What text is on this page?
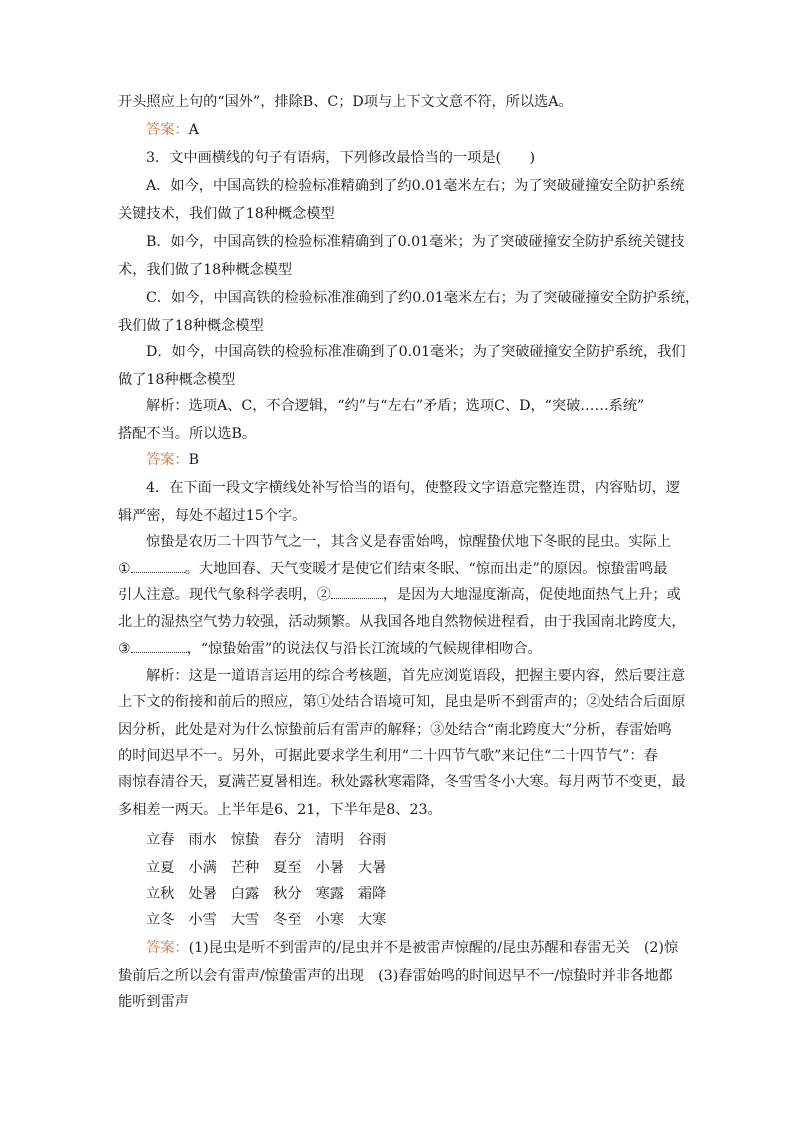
开头照应上句的“国外”，排除B、C；D项与上下文文意不符，所以选A。
答案：A
3．文中画横线的句子有语病，下列修改最恰当的一项是(　　)
A．如今，中国高铁的检验标准精确到了约0.01毫米左右；为了突破碰撞安全防护系统
关键技术，我们做了18种概念模型
B．如今，中国高铁的检验标准精确到了0.01毫米；为了突破碰撞安全防护系统关键技
术，我们做了18种概念模型
C．如今，中国高铁的检验标准准确到了约0.01毫米左右；为了突破碰撞安全防护系统，
我们做了18种概念模型
D．如今，中国高铁的检验标准准确到了0.01毫米；为了突破碰撞安全防护系统，我们
做了18种概念模型
解析：选项A、C，不合逻辑，“约”与“左右”矛盾；选项C、D，“突破……系统”
搭配不当。所以选B。
答案：B
4．在下面一段文字横线处补写恰当的语句，使整段文字语意完整连贯，内容贴切，逻
辑严密，每处不超过15个字。
惊蛰是农历二十四节气之一，其含义是春雷始鸣，惊醒蛰伏地下冬眠的昆虫。实际上
①	。大地回春、天气变暖才是使它们结束冬眠、“惊而出走”的原因。惊蛰雷鸣最
引人注意。现代气象科学表明，②	，是因为大地湿度渐高，促使地面热气上升；或
北上的湿热空气势力较强，活动频繁。从我国各地自然物候进程看，由于我国南北跨度大，
③	，“惊蛰始雷”的说法仅与沿长江流域的气候规律相吻合。
解析：这是一道语言运用的综合考核题，首先应浏览语段，把握主要内容，然后要注意
上下文的衔接和前后的照应，第①处结合语境可知，昆虫是听不到雷声的；②处结合后面原
因分析，此处是对为什么惊蛰前后有雷声的解释；③处结合“南北跨度大”分析，春雷始鸣
的时间迟早不一。另外，可据此要求学生利用“二十四节气歌”来记住“二十四节气”：春
雨惊春清谷天，夏满芒夏暑相连。秋处露秋寒霜降，冬雪雪冬小大寒。每月两节不变更，最
多相差一两天。上半年是6、21，下半年是8、23。
立春 雨水 惊蛰 春分 清明 谷雨
立夏 小满 芒种 夏至 小暑 大暑
立秋 处暑 白露 秋分 寒露 霜降
立冬 小雪 大雪 冬至 小寒 大寒
答案：(1)昆虫是听不到雷声的/昆虫并不是被雷声惊醒的/昆虫苏醒和春雷无关　(2)惊
蛰前后之所以会有雷声/惊蛰雷声的出现　(3)春雷始鸣的时间迟早不一/惊蛰时并非各地都
能听到雷声
